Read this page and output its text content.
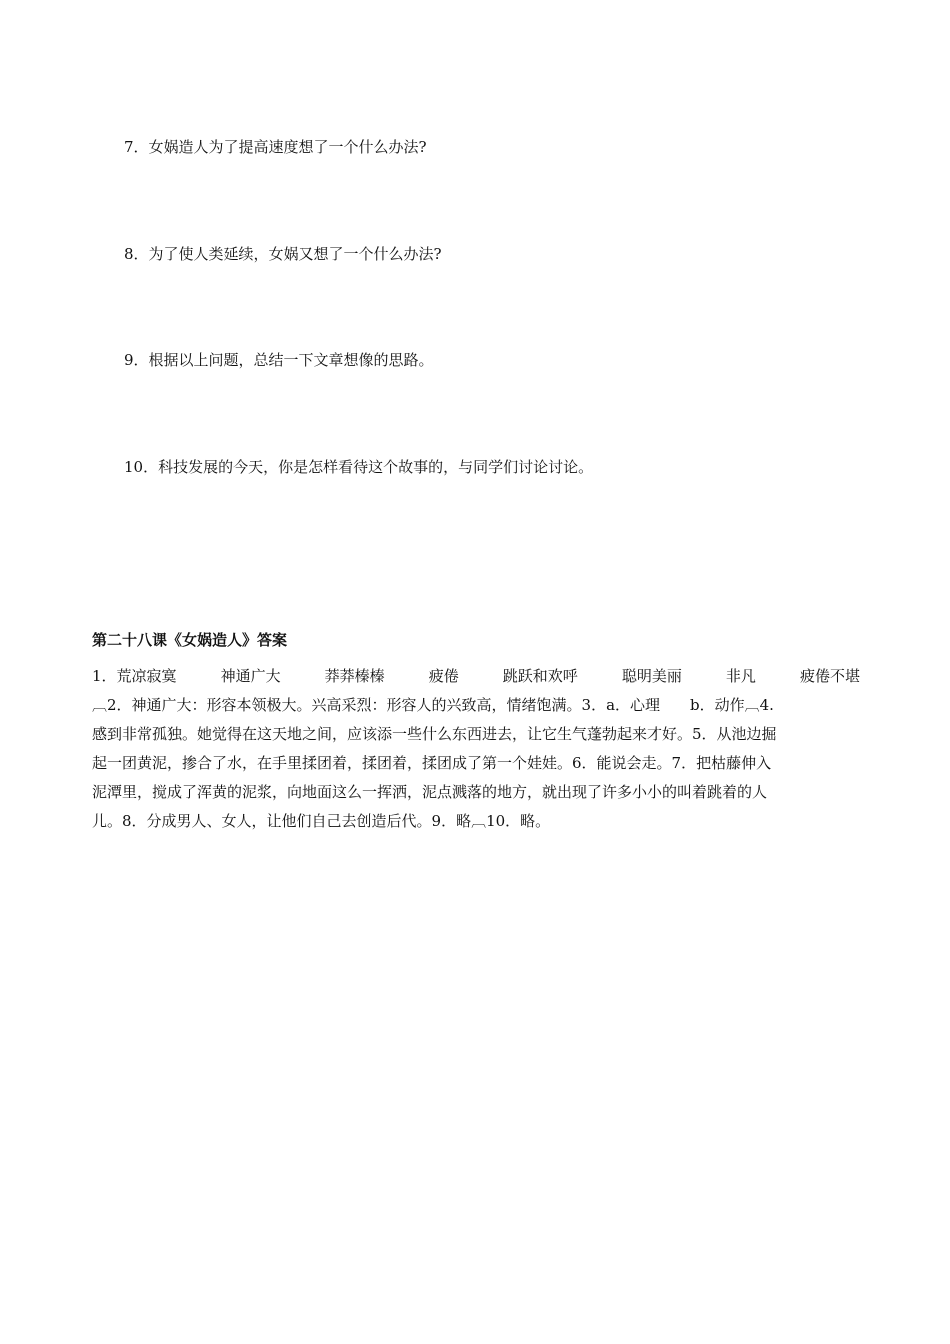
7．女娲造人为了提高速度想了一个什么办法?
8．为了使人类延续，女娲又想了一个什么办法?
9．根据以上问题，总结一下文章想像的思路。
10．科技发展的今天，你是怎样看待这个故事的，与同学们讨论讨论。
第二十八课《女娲造人》答案
1．荒凉寂寞	神通广大	莽莽榛榛	疲倦	跳跃和欢呼	聪明美丽	非凡	疲倦不堪
︹2．神通广大：形容本领极大。兴高采烈：形容人的兴致高，情绪饱满。3．a．心理　　b．动作︹4.
感到非常孤独。她觉得在这天地之间，应该添一些什么东西进去，让它生气蓬勃起来才好。5．从池边掘
起一团黄泥，掺合了水，在手里揉团着，揉团着，揉团成了第一个娃娃。6．能说会走。7．把枯藤伸入
泥潭里，搅成了浑黄的泥浆，向地面这么一挥洒，泥点溅落的地方，就出现了许多小小的叫着跳着的人
儿。8．分成男人、女人，让他们自己去创造后代。9．略︹10．略。
